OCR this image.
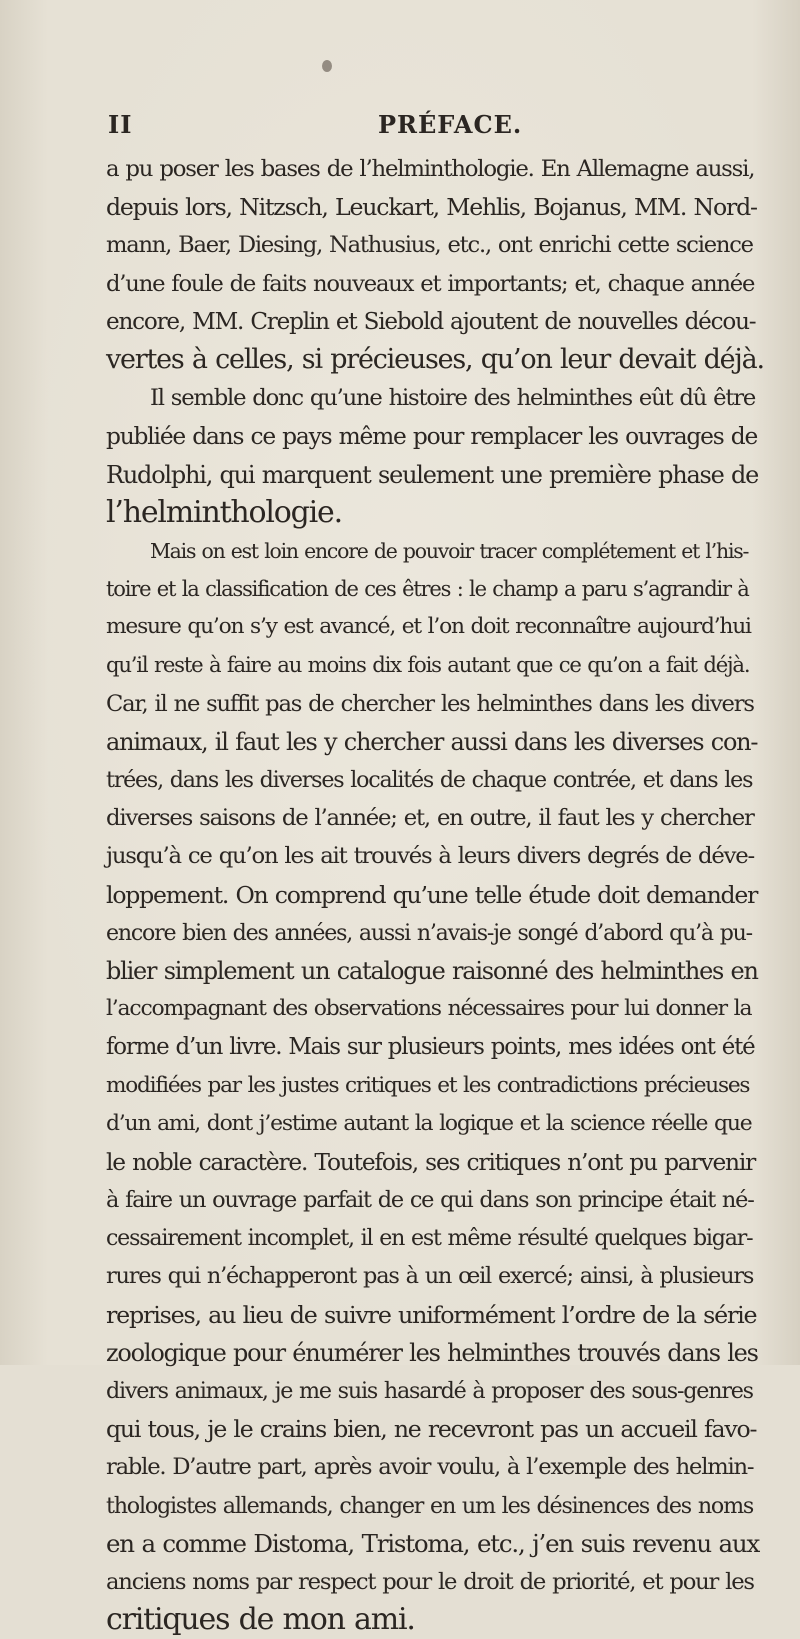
II	PRÉFACE.
a pu poser les bases de l’helminthologie. En Allemagne aussi,
depuis lors, Nitzsch, Leuckart, Mehlis, Bojanus, MM. Nord-
mann, Baer, Diesing, Nathusius, etc., ont enrichi cette science
d’une foule de faits nouveaux et importants; et, chaque année
encore, MM. Creplin et Siebold ajoutent de nouvelles décou-
vertes à celles, si précieuses, qu’on leur devait déjà.
Il semble donc qu’une histoire des helminthes eût dû être
publiée dans ce pays même pour remplacer les ouvrages de
Rudolphi, qui marquent seulement une première phase de
l’helminthologie.
Mais on est loin encore de pouvoir tracer complétement et l’his-
toire et la classification de ces êtres : le champ a paru s’agrandir à
mesure qu’on s’y est avancé, et l’on doit reconnaître aujourd’hui
qu’il reste à faire au moins dix fois autant que ce qu’on a fait déjà.
Car, il ne suffit pas de chercher les helminthes dans les divers
animaux, il faut les y chercher aussi dans les diverses con-
trées, dans les diverses localités de chaque contrée, et dans les
diverses saisons de l’année; et, en outre, il faut les y chercher
jusqu’à ce qu’on les ait trouvés à leurs divers degrés de déve-
loppement. On comprend qu’une telle étude doit demander
encore bien des années, aussi n’avais-je songé d’abord qu’à pu-
blier simplement un catalogue raisonné des helminthes en
l’accompagnant des observations nécessaires pour lui donner la
forme d’un livre. Mais sur plusieurs points, mes idées ont été
modifiées par les justes critiques et les contradictions précieuses
d’un ami, dont j’estime autant la logique et la science réelle que
le noble caractère. Toutefois, ses critiques n’ont pu parvenir
à faire un ouvrage parfait de ce qui dans son principe était né-
cessairement incomplet, il en est même résulté quelques bigar-
rures qui n’échapperont pas à un œil exercé; ainsi, à plusieurs
reprises, au lieu de suivre uniformément l’ordre de la série
zoologique pour énumérer les helminthes trouvés dans les
divers animaux, je me suis hasardé à proposer des sous-genres
qui tous, je le crains bien, ne recevront pas un accueil favo-
rable. D’autre part, après avoir voulu, à l’exemple des helmin-
thologistes allemands, changer en um les désinences des noms
en a comme Distoma, Tristoma, etc., j’en suis revenu aux
anciens noms par respect pour le droit de priorité, et pour les
critiques de mon ami.
